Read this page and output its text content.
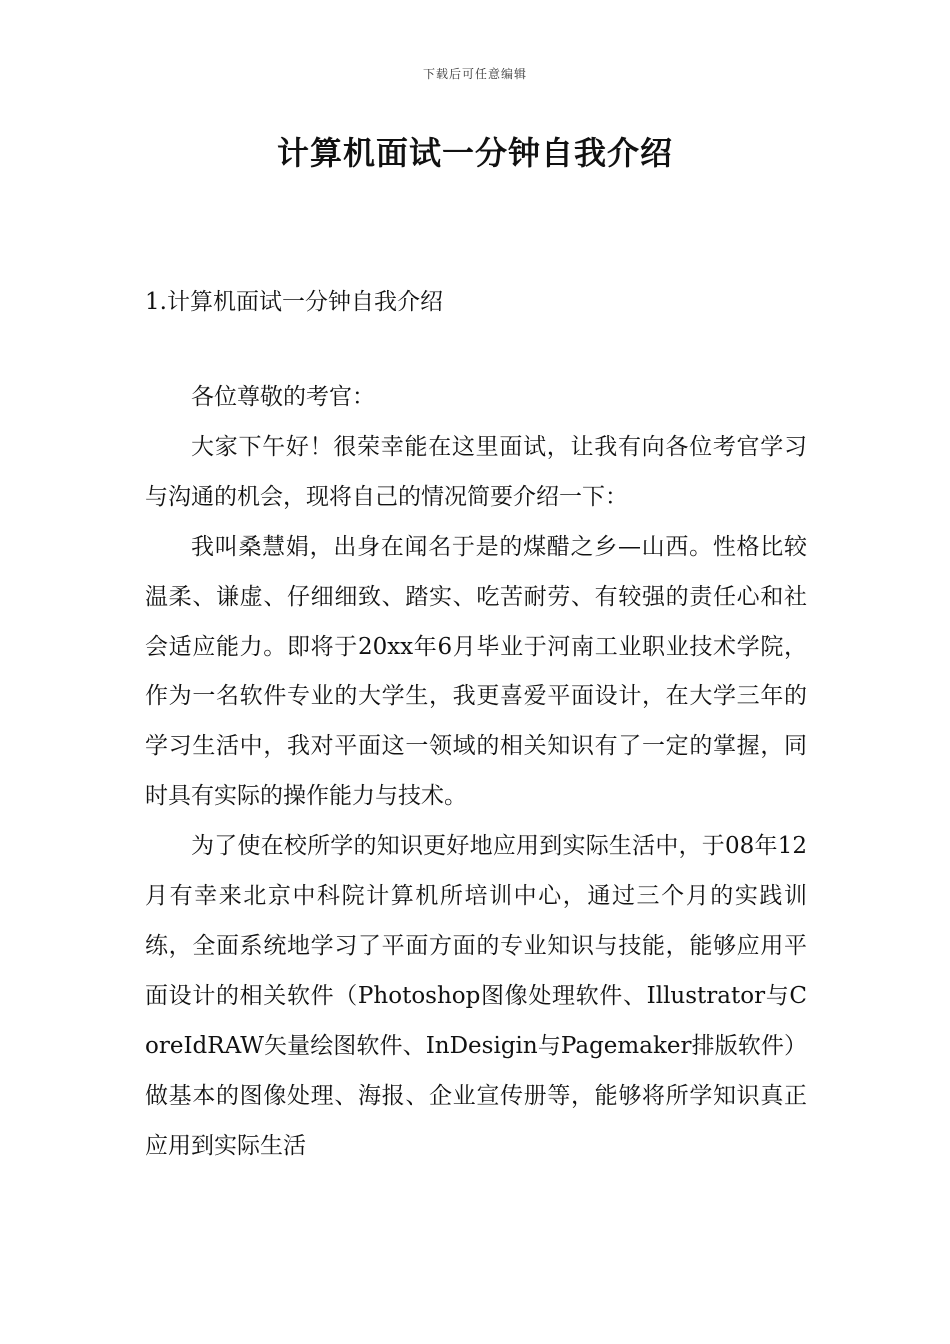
下载后可任意编辑
计算机面试一分钟自我介绍
1.计算机面试一分钟自我介绍

各位尊敬的考官：

大家下午好！很荣幸能在这里面试，让我有向各位考官学习与沟通的机会，现将自己的情况简要介绍一下：

我叫桑慧娟，出身在闻名于是的煤醋之乡—山西。性格比较温柔、谦虚、仔细细致、踏实、吃苦耐劳、有较强的责任心和社会适应能力。即将于20xx年6月毕业于河南工业职业技术学院，作为一名软件专业的大学生，我更喜爱平面设计，在大学三年的学习生活中，我对平面这一领域的相关知识有了一定的掌握，同时具有实际的操作能力与技术。

为了使在校所学的知识更好地应用到实际生活中，于08年12月有幸来北京中科院计算机所培训中心，通过三个月的实践训练，全面系统地学习了平面方面的专业知识与技能，能够应用平面设计的相关软件（Photoshop图像处理软件、Illustrator与CoreIdRAW矢量绘图软件、InDesigin与Pagemaker排版软件）做基本的图像处理、海报、企业宣传册等，能够将所学知识真正应用到实际生活
